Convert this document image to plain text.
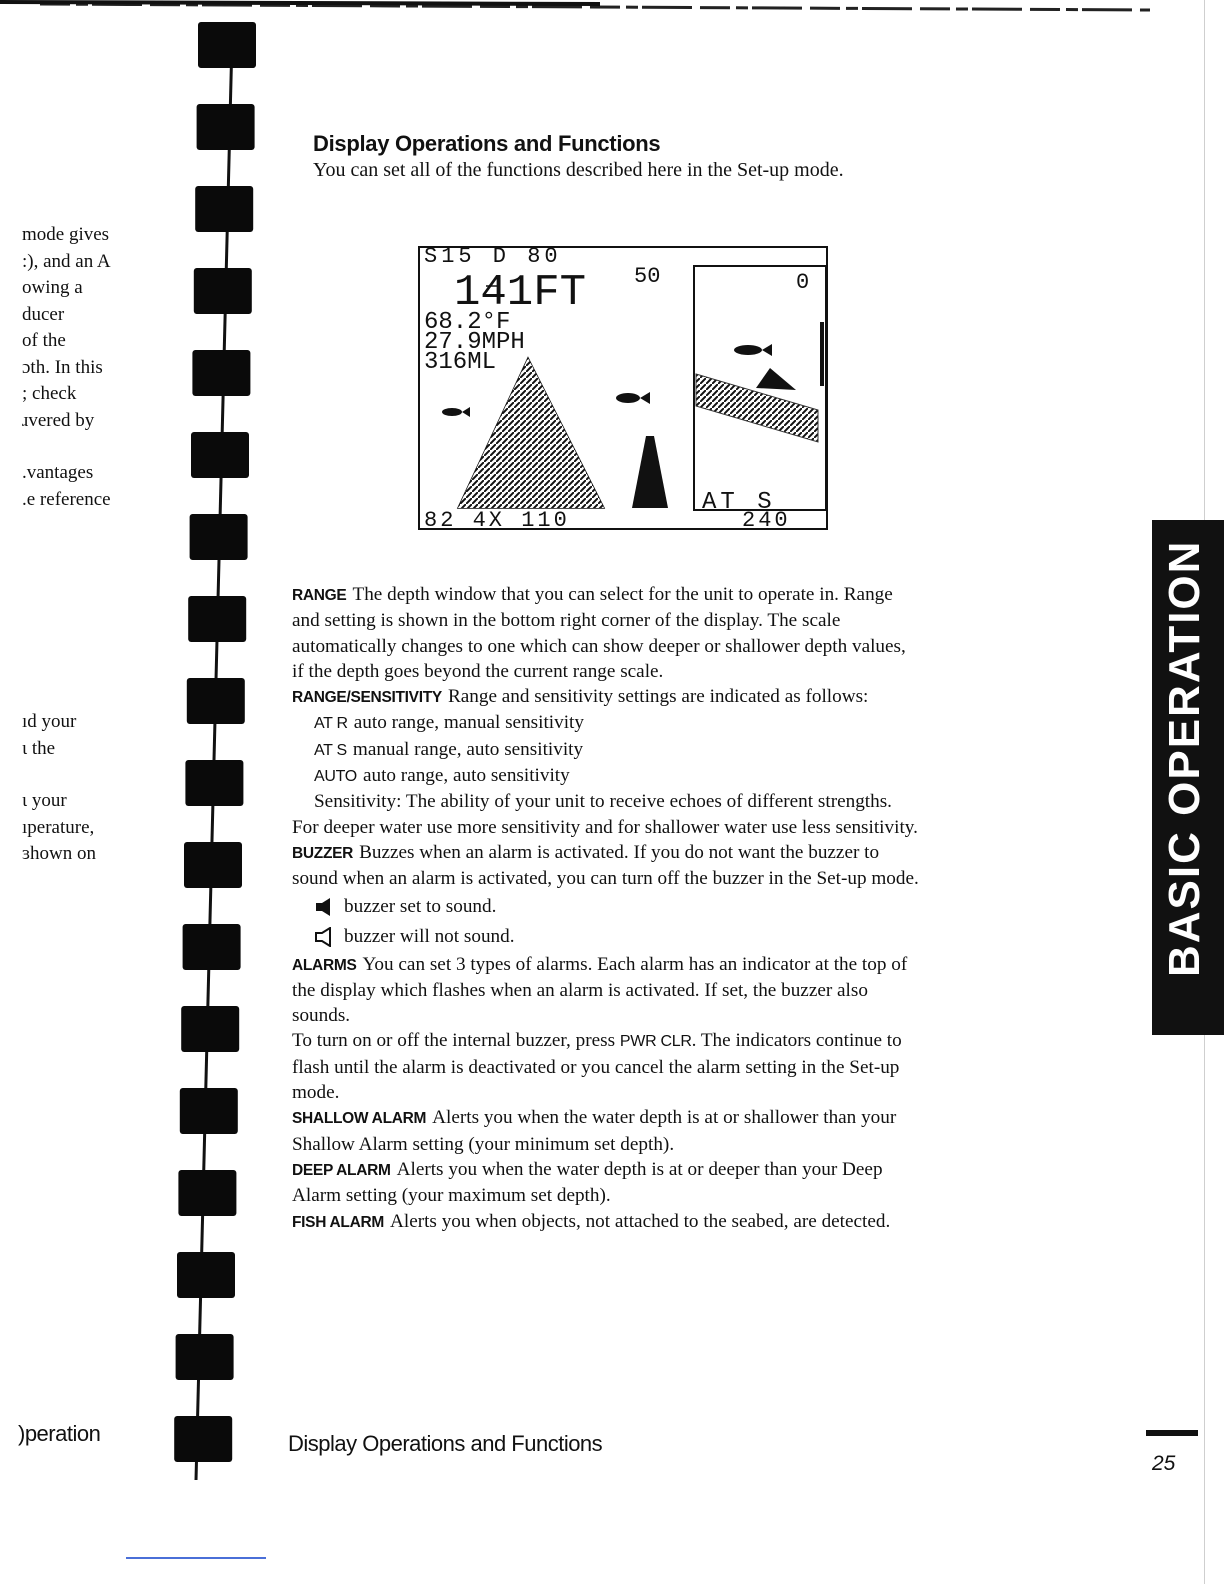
mode gives
:), and an A
owing a
ducer
of the
ɔth. In this
; check
ɹvered by
.vantages
.e reference
ıd your
ι the
ι your
ıperature,
ɜhown on
Display Operations and Functions
You can set all of the functions described here in the Set-up mode.
S15 D 80
141FT 50	0
68.2°F
27.9MPH
316ML
82 4X 110
AT S
240

RANGE The depth window that you can select for the unit to operate in. Range and setting is shown in the bottom right corner of the display. The scale automatically changes to one which can show deeper or shallower depth values, if the depth goes beyond the current range scale.

RANGE/SENSITIVITY Range and sensitivity settings are indicated as follows:

AT R auto range, manual sensitivity

AT S manual range, auto sensitivity

AUTO auto range, auto sensitivity

Sensitivity: The ability of your unit to receive echoes of different strengths. For deeper water use more sensitivity and for shallower water use less sensitivity.

BUZZER Buzzes when an alarm is activated. If you do not want the buzzer to sound when an alarm is activated, you can turn off the buzzer in the Set-up mode.

buzzer set to sound.
buzzer will not sound.

ALARMS You can set 3 types of alarms. Each alarm has an indicator at the top of the display which flashes when an alarm is activated. If set, the buzzer also sounds.

To turn on or off the internal buzzer, press PWR CLR. The indicators continue to flash until the alarm is deactivated or you cancel the alarm setting in the Set-up mode.

SHALLOW ALARM Alerts you when the water depth is at or shallower than your Shallow Alarm setting (your minimum set depth).

DEEP ALARM Alerts you when the water depth is at or deeper than your Deep Alarm setting (your maximum set depth).

FISH ALARM Alerts you when objects, not attached to the seabed, are detected.

BASIC OPERATION
)peration	Display Operations and Functions
25
